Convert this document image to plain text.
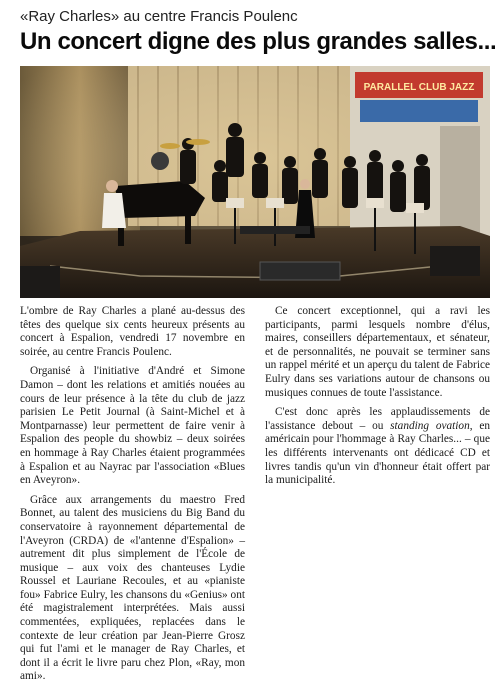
«Ray Charles» au centre Francis Poulenc
Un concert digne des plus grandes salles...
PARALLEL CLUB JAZZ

L'ombre de Ray Charles a plané au-dessus des têtes des quelque six cents heureux présents au concert à Espalion, vendredi 17 novembre en soirée, au centre Francis Poulenc.

Organisé à l'initiative d'André et Simone Damon – dont les relations et amitiés nouées au cours de leur présence à la tête du club de jazz parisien Le Petit Journal (à Saint-Michel et à Montparnasse) leur permettent de faire venir à Espalion des people du showbiz – deux soirées en hommage à Ray Charles étaient programmées à Espalion et au Nayrac par l'association «Blues en Aveyron».

Grâce aux arrangements du maestro Fred Bonnet, au talent des musiciens du Big Band du conservatoire à rayonnement départemental de l'Aveyron (CRDA) de «l'antenne d'Espalion» – autrement dit plus simplement de l'École de musique – aux voix des chanteuses Lydie Roussel et Lauriane Recoules, et au «pianiste fou» Fabrice Eulry, les chansons du «Genius» ont été magistralement interprétées. Mais aussi commentées, expliquées, replacées dans le contexte de leur création par Jean-Pierre Grosz qui fut l'ami et le manager de Ray Charles, et dont il a écrit le livre paru chez Plon, «Ray, mon ami».

Ce concert exceptionnel, qui a ravi les participants, parmi lesquels nombre d'élus, maires, conseillers départementaux, et sénateur, et de personnalités, ne pouvait se terminer sans un rappel mérité et un aperçu du talent de Fabrice Eulry dans ses variations autour de chansons ou musiques connues de toute l'assistance.

C'est donc après les applaudissements de l'assistance debout – ou standing ovation, en américain pour l'hommage à Ray Charles... – que les différents intervenants ont dédicacé CD et livres tandis qu'un vin d'honneur était offert par la municipalité.
